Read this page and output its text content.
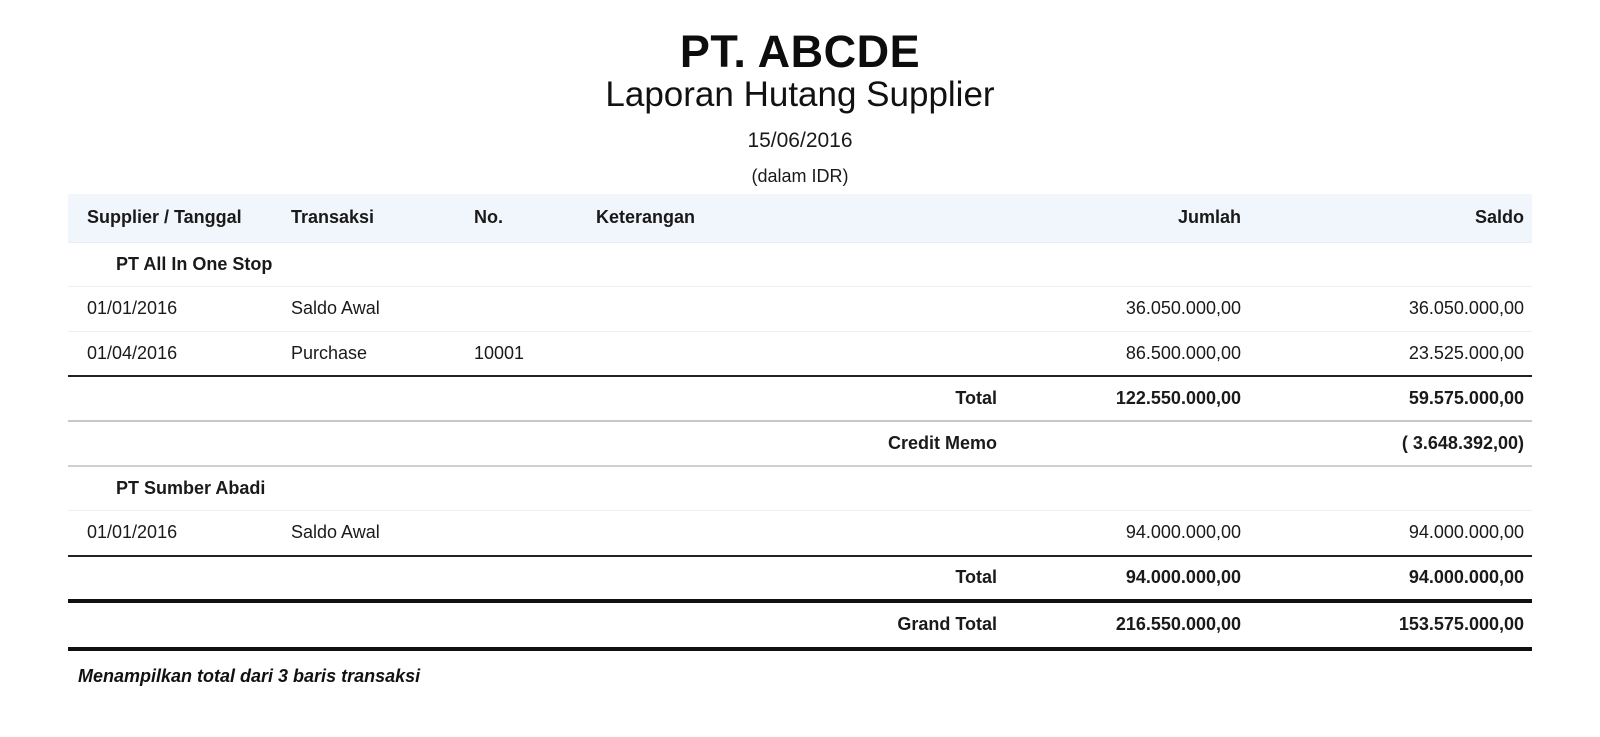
PT. ABCDE
Laporan Hutang Supplier
15/06/2016
(dalam IDR)
Supplier / Tanggal	Transaksi	No.	Keterangan	Jumlah	Saldo
PT All In One Stop					
01/01/2016	Saldo Awal			36.050.000,00	36.050.000,00
01/04/2016	Purchase	10001		86.500.000,00	23.525.000,00
Total				122.550.000,00	59.575.000,00
Credit Memo					( 3.648.392,00)
PT Sumber Abadi					
01/01/2016	Saldo Awal			94.000.000,00	94.000.000,00
Total				94.000.000,00	94.000.000,00
Grand Total				216.550.000,00	153.575.000,00
Menampilkan total dari 3 baris transaksi
